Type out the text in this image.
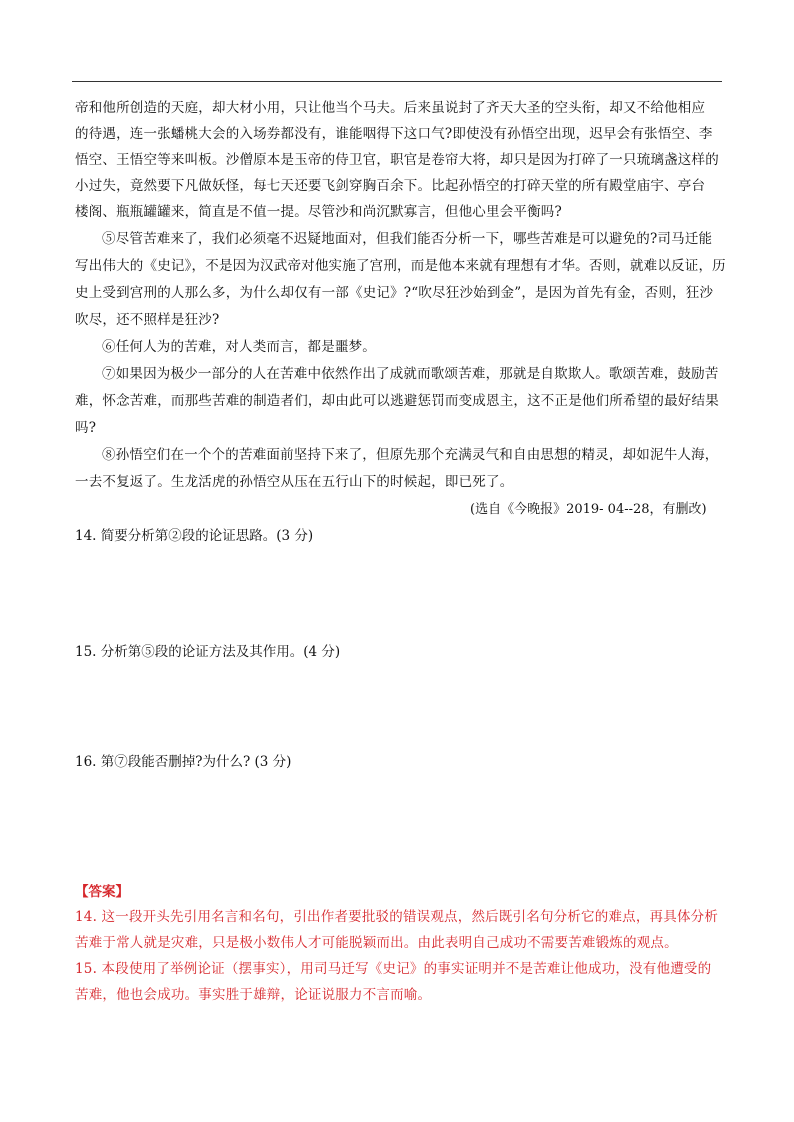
帝和他所创造的天庭，却大材小用，只让他当个马夫。后来虽说封了齐天大圣的空头衔，却又不给他相应
的待遇，连一张蟠桃大会的入场券都没有，谁能咽得下这口气?即使没有孙悟空出现，迟早会有张悟空、李
悟空、王悟空等来叫板。沙僧原本是玉帝的侍卫官，职官是卷帘大将，却只是因为打碎了一只琉璃盏这样的
小过失，竟然要下凡做妖怪，每七天还要飞剑穿胸百余下。比起孙悟空的打碎天堂的所有殿堂庙宇、亭台
楼阁、瓶瓶罐罐来，简直是不值一提。尽管沙和尚沉默寡言，但他心里会平衡吗?
⑤尽管苦难来了，我们必须毫不迟疑地面对，但我们能否分析一下，哪些苦难是可以避免的?司马迁能
写出伟大的《史记》，不是因为汉武帝对他实施了宫刑，而是他本来就有理想有才华。否则，就难以反证，历
史上受到宫刑的人那么多，为什么却仅有一部《史记》?“吹尽狂沙始到金”，是因为首先有金，否则，狂沙
吹尽，还不照样是狂沙?
⑥任何人为的苦难，对人类而言，都是噩梦。
⑦如果因为极少一部分的人在苦难中依然作出了成就而歌颂苦难，那就是自欺欺人。歌颂苦难，鼓励苦
难，怀念苦难，而那些苦难的制造者们，却由此可以逃避惩罚而变成恩主，这不正是他们所希望的最好结果
吗?
⑧孙悟空们在一个个的苦难面前坚持下来了，但原先那个充满灵气和自由思想的精灵，却如泥牛人海，
一去不复返了。生龙活虎的孙悟空从压在五行山下的时候起，即已死了。
(选自《今晚报》2019- 04--28，有删改)
14. 简要分析第②段的论证思路。(3 分)
15. 分析第⑤段的论证方法及其作用。(4 分)
16. 第⑦段能否删掉?为什么? (3 分)
【答案】
14. 这一段开头先引用名言和名句，引出作者要批驳的错误观点，然后既引名句分析它的难点，再具体分析
苦难于常人就是灾难，只是极小数伟人才可能脱颖而出。由此表明自己成功不需要苦难锻炼的观点。
15. 本段使用了举例论证（摆事实），用司马迁写《史记》的事实证明并不是苦难让他成功，没有他遭受的
苦难，他也会成功。事实胜于雄辩，论证说服力不言而喻。
